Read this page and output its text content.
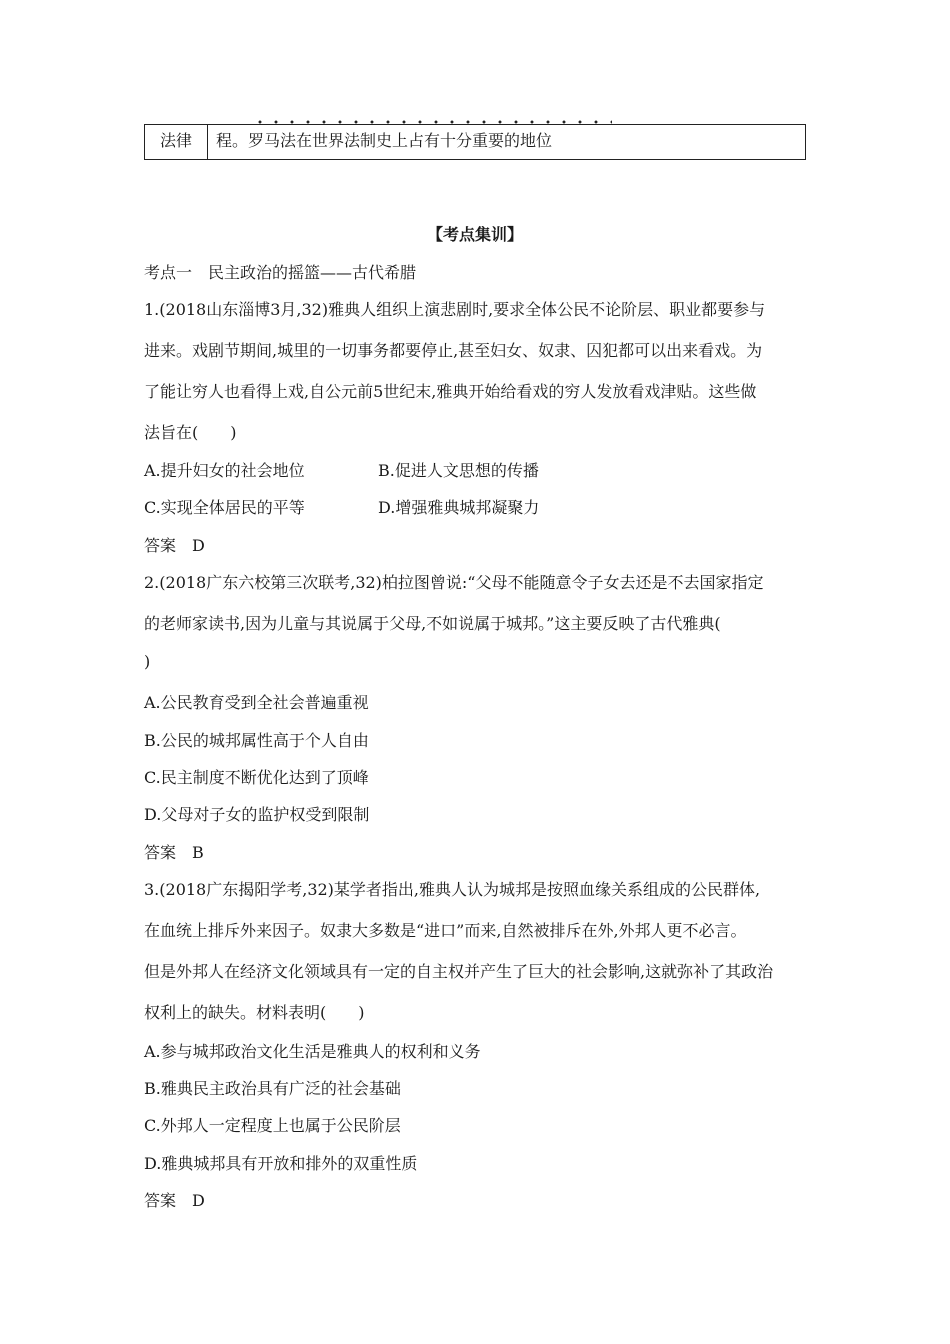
法律	程。罗马法在世界法制史上占有十分重要的地位
【考点集训】
考点一　民主政治的摇篮——古代希腊
1.(2018山东淄博3月,32)雅典人组织上演悲剧时,要求全体公民不论阶层、职业都要参与
进来。戏剧节期间,城里的一切事务都要停止,甚至妇女、奴隶、囚犯都可以出来看戏。为
了能让穷人也看得上戏,自公元前5世纪末,雅典开始给看戏的穷人发放看戏津贴。这些做
法旨在(　　)
A.提升妇女的社会地位	B.促进人文思想的传播
C.实现全体居民的平等	D.增强雅典城邦凝聚力
答案　D
2.(2018广东六校第三次联考,32)柏拉图曾说:“父母不能随意令子女去还是不去国家指定
的老师家读书,因为儿童与其说属于父母,不如说属于城邦。”这主要反映了古代雅典(
)
A.公民教育受到全社会普遍重视
B.公民的城邦属性高于个人自由
C.民主制度不断优化达到了顶峰
D.父母对子女的监护权受到限制
答案　B
3.(2018广东揭阳学考,32)某学者指出,雅典人认为城邦是按照血缘关系组成的公民群体,
在血统上排斥外来因子。奴隶大多数是“进口”而来,自然被排斥在外,外邦人更不必言。
但是外邦人在经济文化领域具有一定的自主权并产生了巨大的社会影响,这就弥补了其政治
权利上的缺失。材料表明(　　)
A.参与城邦政治文化生活是雅典人的权利和义务
B.雅典民主政治具有广泛的社会基础
C.外邦人一定程度上也属于公民阶层
D.雅典城邦具有开放和排外的双重性质
答案　D
